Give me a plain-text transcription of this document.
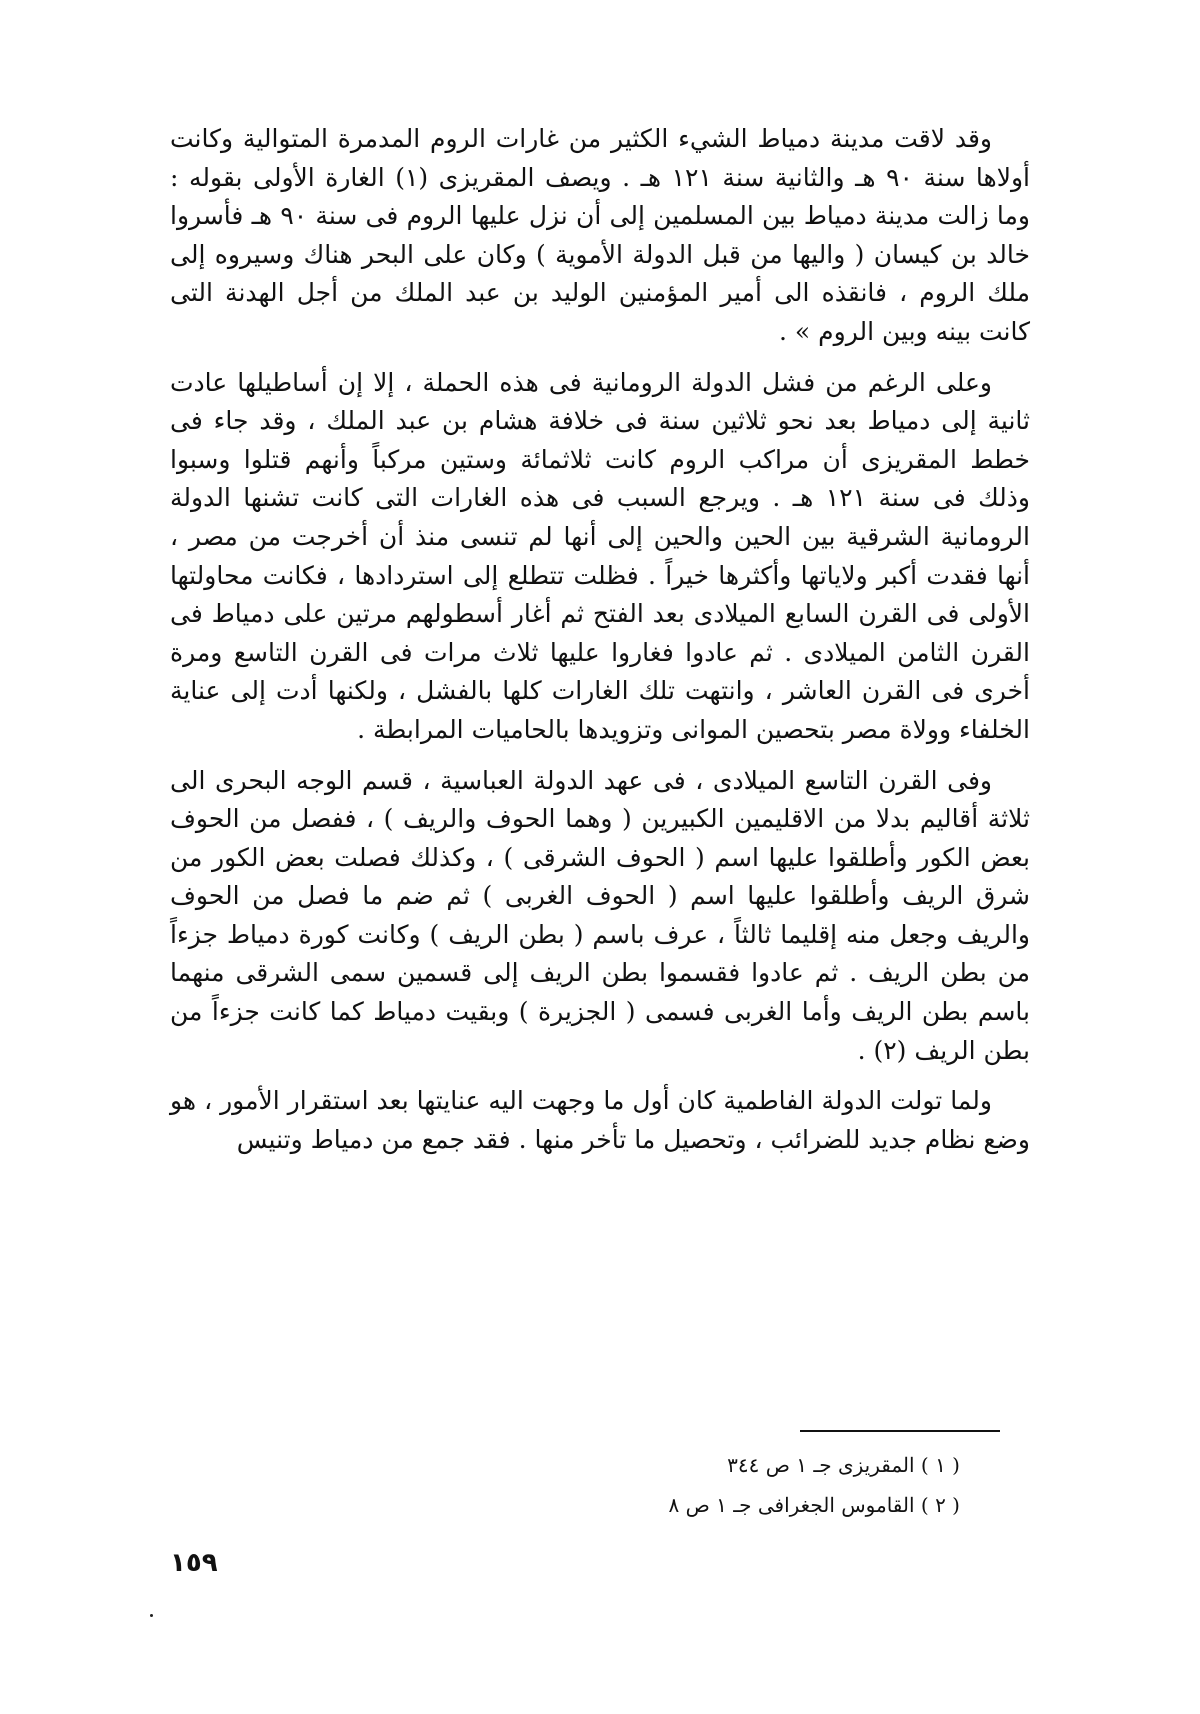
وقد لاقت مدينة دمياط الشيء الكثير من غارات الروم المدمرة المتوالية وكانت أولاها سنة ٩٠ هـ والثانية سنة ١٢١ هـ . ويصف المقريزى (١) الغارة الأولى بقوله : وما زالت مدينة دمياط بين المسلمين إلى أن نزل عليها الروم فى سنة ٩٠ هـ فأسروا خالد بن كيسان ( واليها من قبل الدولة الأموية ) وكان على البحر هناك وسيروه إلى ملك الروم ، فانقذه الى أمير المؤمنين الوليد بن عبد الملك من أجل الهدنة التى كانت بينه وبين الروم » .

وعلى الرغم من فشل الدولة الرومانية فى هذه الحملة ، إلا إن أساطيلها عادت ثانية إلى دمياط بعد نحو ثلاثين سنة فى خلافة هشام بن عبد الملك ، وقد جاء فى خطط المقريزى أن مراكب الروم كانت ثلاثمائة وستين مركباً وأنهم قتلوا وسبوا وذلك فى سنة ١٢١ هـ . ويرجع السبب فى هذه الغارات التى كانت تشنها الدولة الرومانية الشرقية بين الحين والحين إلى أنها لم تنسى منذ أن أخرجت من مصر ، أنها فقدت أكبر ولاياتها وأكثرها خيراً . فظلت تتطلع إلى استردادها ، فكانت محاولتها الأولى فى القرن السابع الميلادى بعد الفتح ثم أغار أسطولهم مرتين على دمياط فى القرن الثامن الميلادى . ثم عادوا فغاروا عليها ثلاث مرات فى القرن التاسع ومرة أخرى فى القرن العاشر ، وانتهت تلك الغارات كلها بالفشل ، ولكنها أدت إلى عناية الخلفاء وولاة مصر بتحصين الموانى وتزويدها بالحاميات المرابطة .

وفى القرن التاسع الميلادى ، فى عهد الدولة العباسية ، قسم الوجه البحرى الى ثلاثة أقاليم بدلا من الاقليمين الكبيرين ( وهما الحوف والريف ) ، ففصل من الحوف بعض الكور وأطلقوا عليها اسم ( الحوف الشرقى ) ، وكذلك فصلت بعض الكور من شرق الريف وأطلقوا عليها اسم ( الحوف الغربى ) ثم ضم ما فصل من الحوف والريف وجعل منه إقليما ثالثاً ، عرف باسم ( بطن الريف ) وكانت كورة دمياط جزءاً من بطن الريف . ثم عادوا فقسموا بطن الريف إلى قسمين سمى الشرقى منهما باسم بطن الريف وأما الغربى فسمى ( الجزيرة ) وبقيت دمياط كما كانت جزءاً من بطن الريف (٢) .

ولما تولت الدولة الفاطمية كان أول ما وجهت اليه عنايتها بعد استقرار الأمور ، هو وضع نظام جديد للضرائب ، وتحصيل ما تأخر منها . فقد جمع من دمياط وتنيس

( ١ ) المقريزى جـ ١ ص ٣٤٤
( ٢ ) القاموس الجغرافى جـ ١ ص ٨
١٥٩
